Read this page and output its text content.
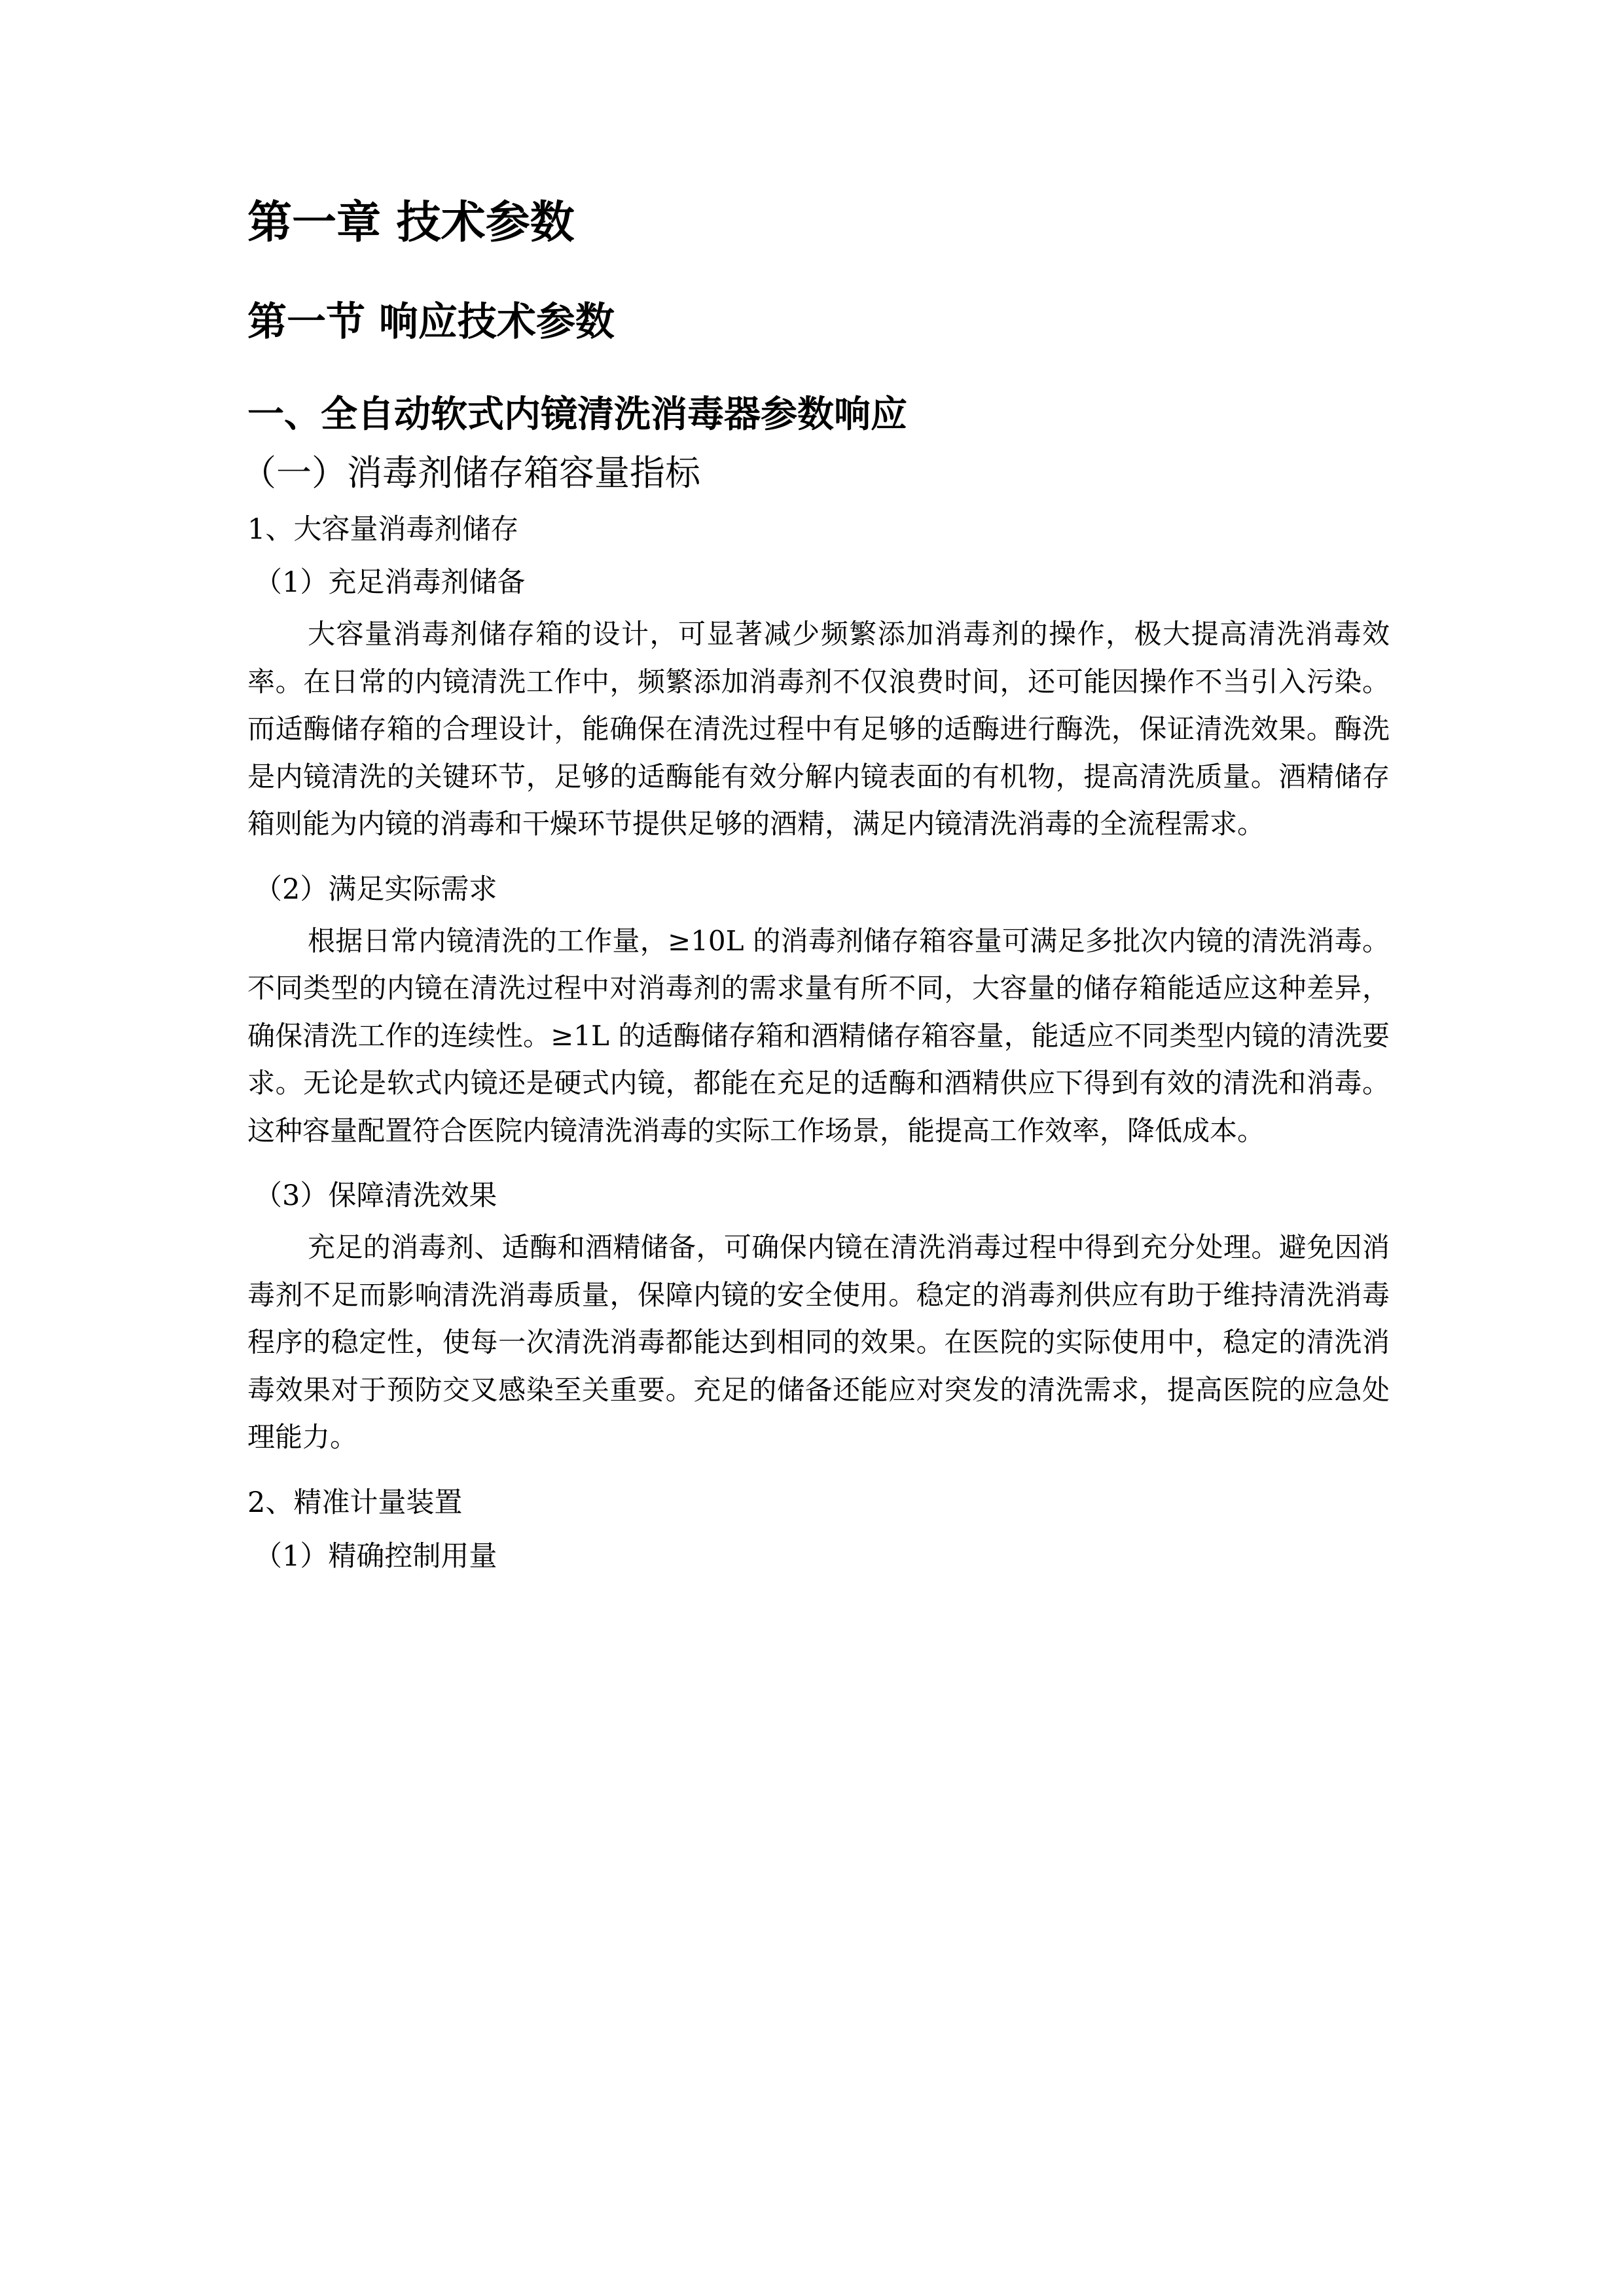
第一章 技术参数
第一节 响应技术参数
一、全自动软式内镜清洗消毒器参数响应
（一）消毒剂储存箱容量指标
1、大容量消毒剂储存
（1）充足消毒剂储备

大容量消毒剂储存箱的设计，可显著减少频繁添加消毒剂的操作，极大提高清洗消毒效率。在日常的内镜清洗工作中，频繁添加消毒剂不仅浪费时间，还可能因操作不当引入污染。而适酶储存箱的合理设计，能确保在清洗过程中有足够的适酶进行酶洗，保证清洗效果。酶洗是内镜清洗的关键环节，足够的适酶能有效分解内镜表面的有机物，提高清洗质量。酒精储存箱则能为内镜的消毒和干燥环节提供足够的酒精，满足内镜清洗消毒的全流程需求。

（2）满足实际需求

根据日常内镜清洗的工作量，≥10L 的消毒剂储存箱容量可满足多批次内镜的清洗消毒。不同类型的内镜在清洗过程中对消毒剂的需求量有所不同，大容量的储存箱能适应这种差异，确保清洗工作的连续性。≥1L 的适酶储存箱和酒精储存箱容量，能适应不同类型内镜的清洗要求。无论是软式内镜还是硬式内镜，都能在充足的适酶和酒精供应下得到有效的清洗和消毒。这种容量配置符合医院内镜清洗消毒的实际工作场景，能提高工作效率，降低成本。

（3）保障清洗效果

充足的消毒剂、适酶和酒精储备，可确保内镜在清洗消毒过程中得到充分处理。避免因消毒剂不足而影响清洗消毒质量，保障内镜的安全使用。稳定的消毒剂供应有助于维持清洗消毒程序的稳定性，使每一次清洗消毒都能达到相同的效果。在医院的实际使用中，稳定的清洗消毒效果对于预防交叉感染至关重要。充足的储备还能应对突发的清洗需求，提高医院的应急处理能力。

2、精准计量装置
（1）精确控制用量
